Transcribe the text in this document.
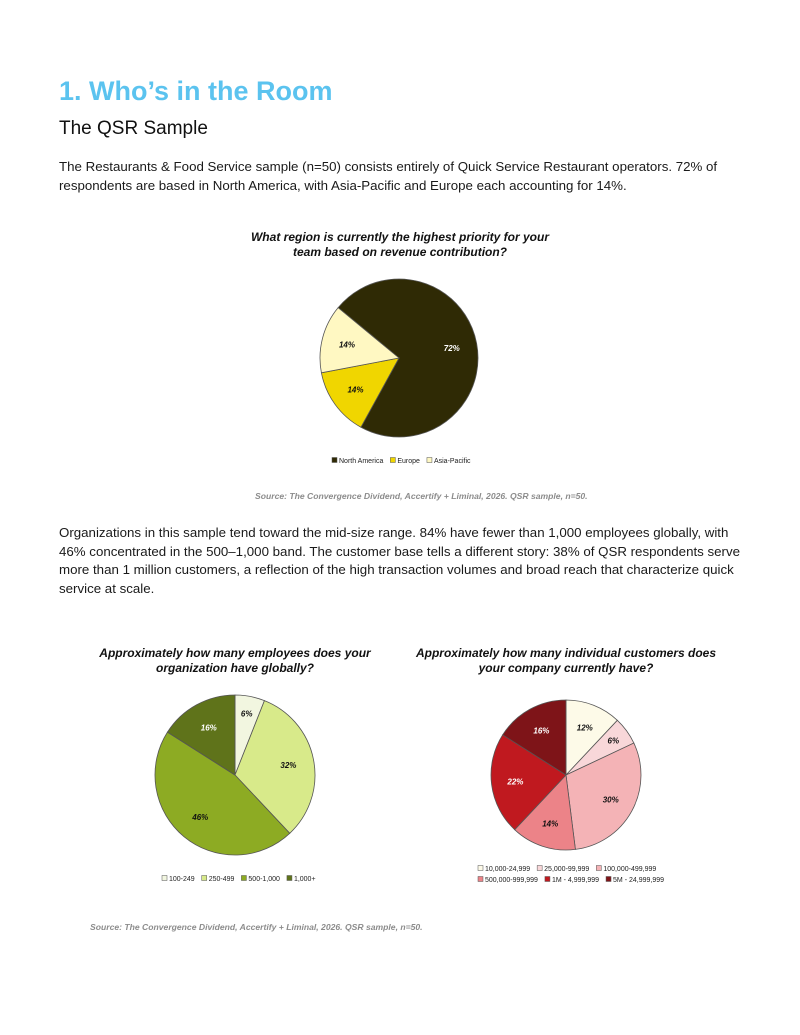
1. Who’s in the Room
The QSR Sample

The Restaurants & Food Service sample (n=50) consists entirely of Quick Service Restaurant operators. 72% of respondents are based in North America, with Asia-Pacific and Europe each accounting for 14%.

What region is currently the highest priority for your team based on revenue contribution?

72%
14%
14%
North America Europe Asia-Pacific

Source: The Convergence Dividend, Accertify + Liminal, 2026. QSR sample, n=50.

Organizations in this sample tend toward the mid-size range. 84% have fewer than 1,000 employees globally, with 46% concentrated in the 500–1,000 band. The customer base tells a different story: 38% of QSR respondents serve more than 1 million customers, a reflection of the high transaction volumes and broad reach that characterize quick service at scale.

Approximately how many employees does your organization have globally?

6%
32%
46%
16%
100-249 250-499 500-1,000 1,000+

Approximately how many individual customers does your company currently have?

12%
6%
30%
14%
22%
16%
10,000-24,999 25,000-99,999 100,000-499,999
500,000-999,999 1M - 4,999,999 5M - 24,999,999

Source: The Convergence Dividend, Accertify + Liminal, 2026. QSR sample, n=50.
